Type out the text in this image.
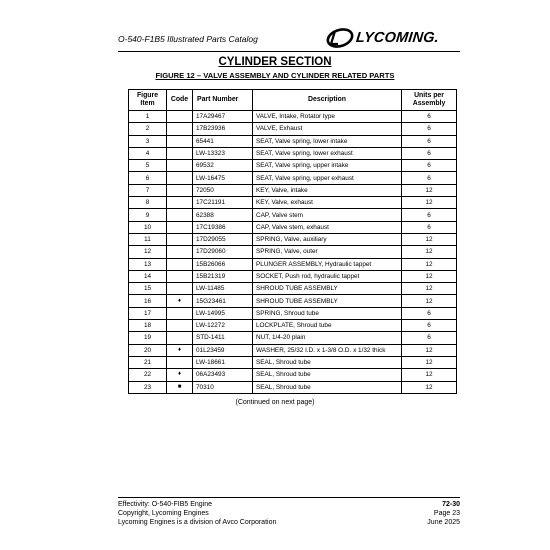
O-540-F1B5 Illustrated Parts Catalog	LYCOMING.
CYLINDER SECTION
FIGURE 12 – VALVE ASSEMBLY AND CYLINDER RELATED PARTS
Figure Item	Code	Part Number	Description	Units per Assembly
1		17A29467	VALVE, Intake, Rotator type	6
2		17B23936	VALVE, Exhaust	6
3		65441	SEAT, Valve spring, lower intake	6
4		LW-13323	SEAT, Valve spring, lower exhaust	6
5		69532	SEAT, Valve spring, upper intake	6
6		LW-16475	SEAT, Valve spring, upper exhaust	6
7		72050	KEY, Valve, intake	12
8		17C21191	KEY, Valve, exhaust	12
9		62388	CAP, Valve stem	6
10		17C19386	CAP, Valve stem, exhaust	6
11		17D29055	SPRING, Valve, auxiliary	12
12		17D29060	SPRING, Valve, outer	12
13		15B26066	PLUNGER ASSEMBLY, Hydraulic tappet	12
14		15B21319	SOCKET, Push rod, hydraulic tappet	12
15		LW-11485	SHROUD TUBE ASSEMBLY	12
16	♦	15G23461	SHROUD TUBE ASSEMBLY	12
17		LW-14995	SPRING, Shroud tube	6
18		LW-12272	LOCKPLATE, Shroud tube	6
19		STD-1411	NUT, 1/4-20 plain	6
20	♦	01L23459	WASHER, 25/32 I.D. x 1-3/8 O.D. x 1/32 thick	12
21		LW-18661	SEAL, Shroud tube	12
22	♦	06A23493	SEAL, Shroud tube	12
23	■	70310	SEAL, Shroud tube	12
(Continued on next page)
Effectivity: O-540-FIB5 Engine
Copyright, Lycoming Engines
Lycoming Engines is a division of Avco Corporation
72-30
Page 23
June 2025
